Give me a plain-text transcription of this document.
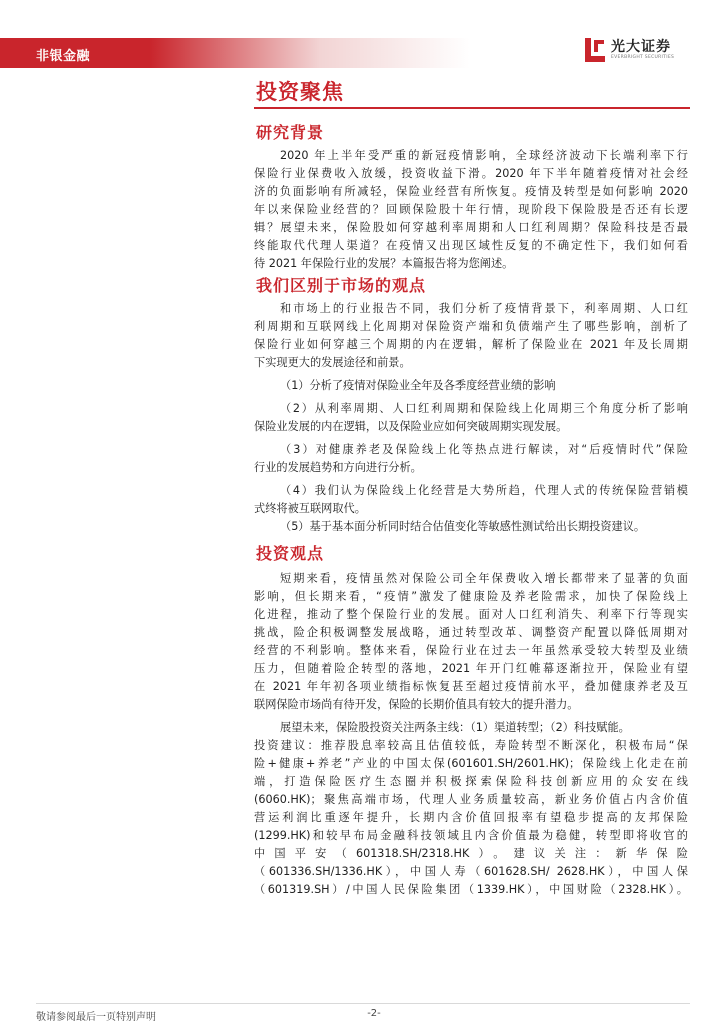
非银金融
光大证券
EVERBRIGHT SECURITIES
投资聚焦
研究背景
2020 年上半年受严重的新冠疫情影响，全球经济波动下长端利率下行
保险行业保费收入放缓，投资收益下滑。2020 年下半年随着疫情对社会经
济的负面影响有所减轻，保险业经营有所恢复。疫情及转型是如何影响 2020
年以来保险业经营的？回顾保险股十年行情，现阶段下保险股是否还有长逻
辑？展望未来，保险股如何穿越利率周期和人口红利周期？保险科技是否最
终能取代代理人渠道？在疫情又出现区域性反复的不确定性下，我们如何看
待 2021 年保险行业的发展？本篇报告将为您阐述。
我们区别于市场的观点
和市场上的行业报告不同，我们分析了疫情背景下，利率周期、人口红
利周期和互联网线上化周期对保险资产端和负债端产生了哪些影响，剖析了
保险行业如何穿越三个周期的内在逻辑，解析了保险业在 2021 年及长周期
下实现更大的发展途径和前景。
（1）分析了疫情对保险业全年及各季度经营业绩的影响
（2）从利率周期、人口红利周期和保险线上化周期三个角度分析了影响
保险业发展的内在逻辑，以及保险业应如何突破周期实现发展。
（3）对健康养老及保险线上化等热点进行解读，对“后疫情时代”保险
行业的发展趋势和方向进行分析。
（4）我们认为保险线上化经营是大势所趋，代理人式的传统保险营销模
式终将被互联网取代。
（5）基于基本面分析同时结合估值变化等敏感性测试给出长期投资建议。
投资观点
短期来看，疫情虽然对保险公司全年保费收入增长都带来了显著的负面
影响，但长期来看，“疫情”激发了健康险及养老险需求，加快了保险线上
化进程，推动了整个保险行业的发展。面对人口红利消失、利率下行等现实
挑战，险企积极调整发展战略，通过转型改革、调整资产配置以降低周期对
经营的不利影响。整体来看，保险行业在过去一年虽然承受较大转型及业绩
压力，但随着险企转型的落地，2021 年开门红帷幕逐渐拉开，保险业有望
在 2021 年年初各项业绩指标恢复甚至超过疫情前水平，叠加健康养老及互
联网保险市场尚有待开发，保险的长期价值具有较大的提升潜力。
展望未来，保险股投资关注两条主线：（1）渠道转型；（2）科技赋能。
投资建议：推荐股息率较高且估值较低，寿险转型不断深化，积极布局“保
险+健康+养老”产业的中国太保(601601.SH/2601.HK)；保险线上化走在前
端，打造保险医疗生态圈并积极探索保险科技创新应用的众安在线
(6060.HK)；聚焦高端市场，代理人业务质量较高，新业务价值占内含价值
营运利润比重逐年提升，长期内含价值回报率有望稳步提高的友邦保险
(1299.HK)和较早布局金融科技领域且内含价值最为稳健，转型即将收官的
中国平安（601318.SH/2318.HK）。建议关注：新华保险
（601336.SH/1336.HK），中国人寿（601628.SH/ 2628.HK），中国人保
（601319.SH）/中国人民保险集团（1339.HK），中国财险（2328.HK）。
敬请参阅最后一页特别声明	-2-
